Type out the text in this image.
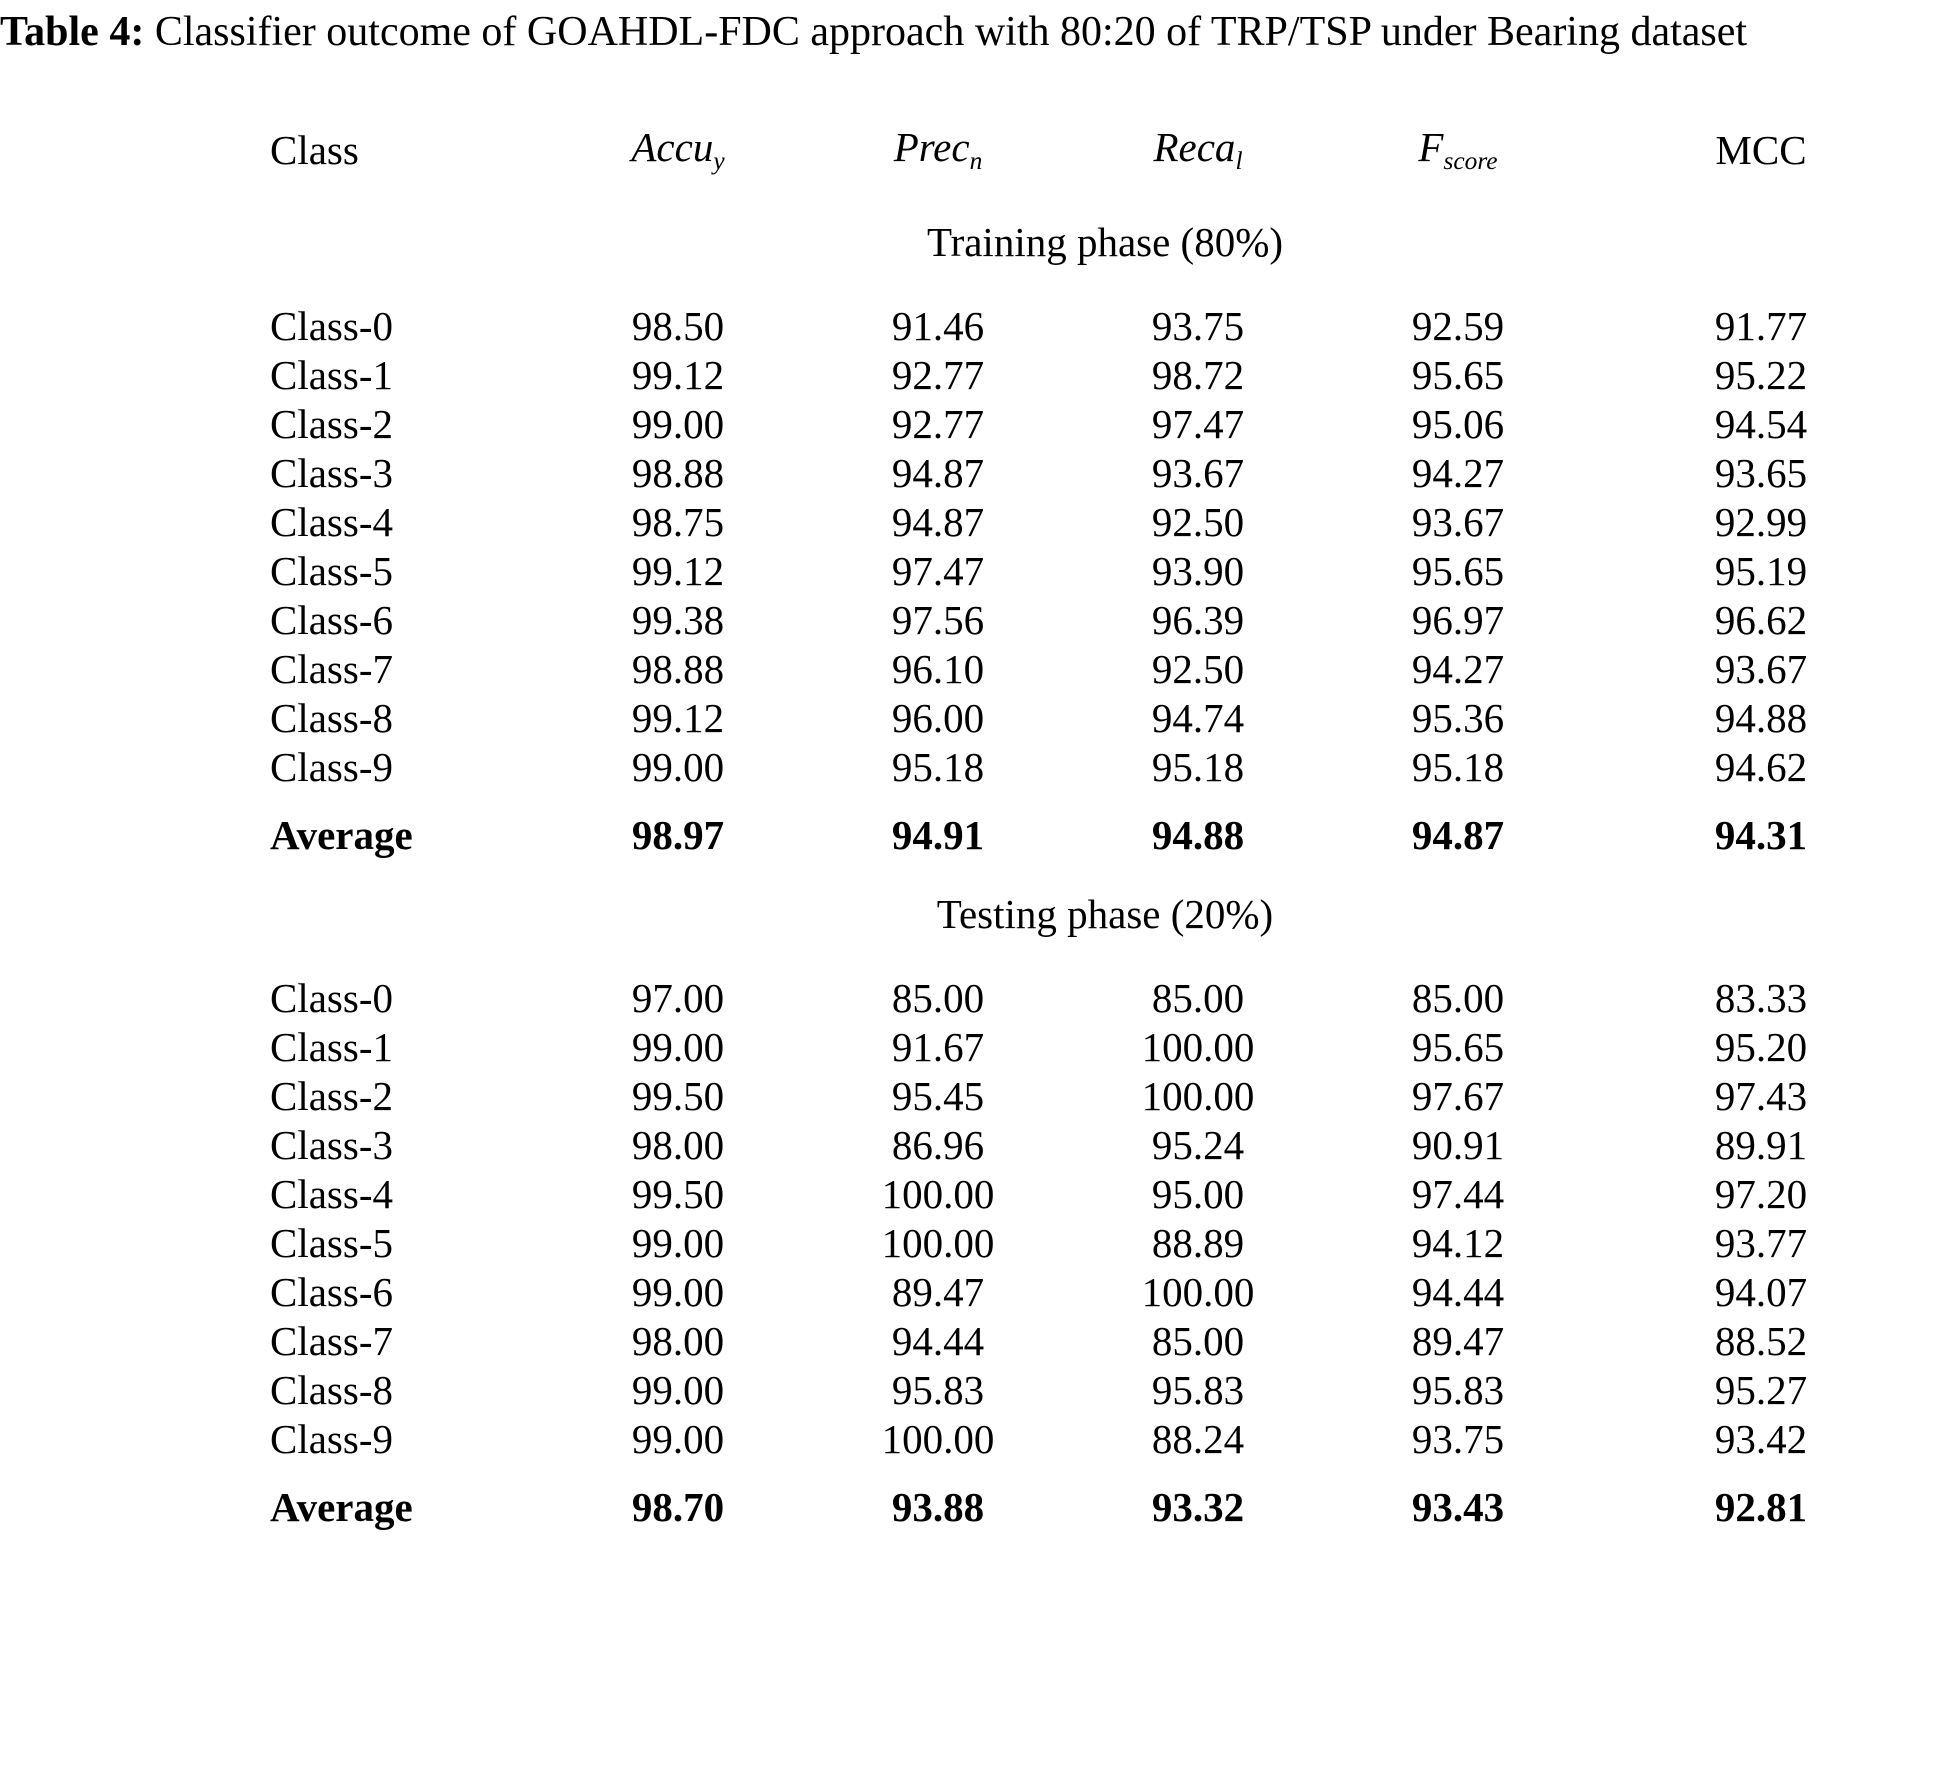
Table 4: Classifier outcome of GOAHDL-FDC approach with 80:20 of TRP/TSP under Bearing dataset

Class	Accu$_y$	Prec$_n$	Reca$_l$	$F_{score}$	MCC
Training phase (80%)					
Class-0	98.50	91.46	93.75	92.59	91.77
Class-1	99.12	92.77	98.72	95.65	95.22
Class-2	99.00	92.77	97.47	95.06	94.54
Class-3	98.88	94.87	93.67	94.27	93.65
Class-4	98.75	94.87	92.50	93.67	92.99
Class-5	99.12	97.47	93.90	95.65	95.19
Class-6	99.38	97.56	96.39	96.97	96.62
Class-7	98.88	96.10	92.50	94.27	93.67
Class-8	99.12	96.00	94.74	95.36	94.88
Class-9	99.00	95.18	95.18	95.18	94.62
Average	98.97	94.91	94.88	94.87	94.31
Testing phase (20%)					
Class-0	97.00	85.00	85.00	85.00	83.33
Class-1	99.00	91.67	100.00	95.65	95.20
Class-2	99.50	95.45	100.00	97.67	97.43
Class-3	98.00	86.96	95.24	90.91	89.91
Class-4	99.50	100.00	95.00	97.44	97.20
Class-5	99.00	100.00	88.89	94.12	93.77
Class-6	99.00	89.47	100.00	94.44	94.07
Class-7	98.00	94.44	85.00	89.47	88.52
Class-8	99.00	95.83	95.83	95.83	95.27
Class-9	99.00	100.00	88.24	93.75	93.42
Average	98.70	93.88	93.32	93.43	92.81
